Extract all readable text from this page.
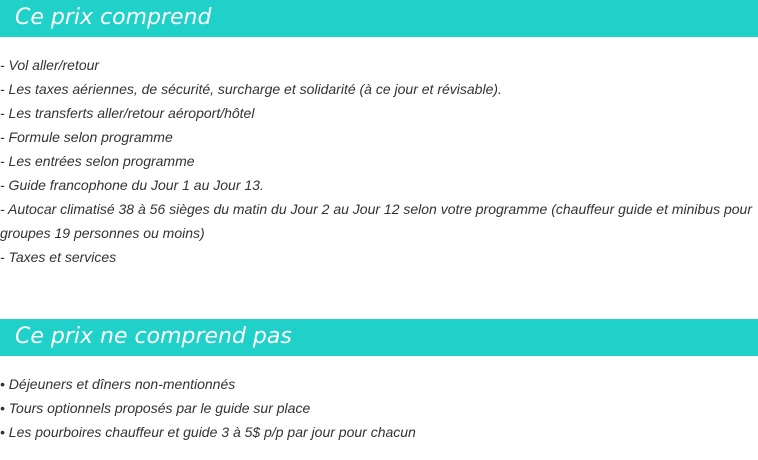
Ce prix comprend
- Vol aller/retour
- Les taxes aériennes, de sécurité, surcharge et solidarité (à ce jour et révisable).
- Les transferts aller/retour aéroport/hôtel
- Formule selon programme
- Les entrées selon programme
- Guide francophone du Jour 1 au Jour 13.
- Autocar climatisé 38 à 56 sièges du matin du Jour 2 au Jour 12 selon votre programme (chauffeur guide et minibus pour groupes 19 personnes ou moins)
- Taxes et services
Ce prix ne comprend pas
• Déjeuners et dîners non-mentionnés
• Tours optionnels proposés par le guide sur place
• Les pourboires chauffeur et guide 3 à 5$ p/p par jour pour chacun
